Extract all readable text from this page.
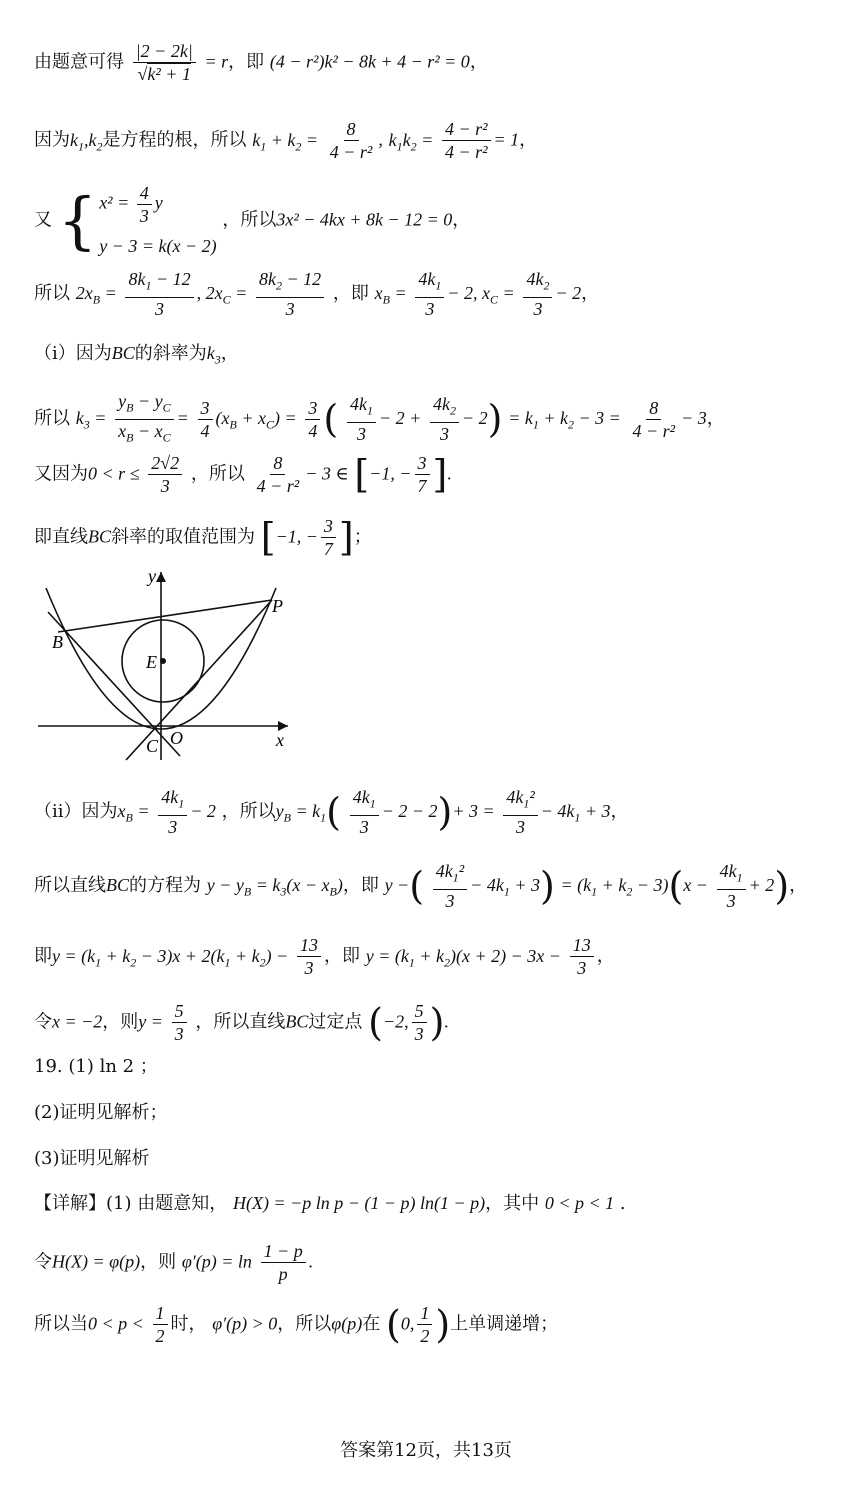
由题意可得 $\frac{|2 - 2k|}{\text{√k² + 1}} = r$，即 (4 − r²)k² − 8k + 4 − r² = 0，
因为$k_1,k_2$是方程的根，所以 $k_1 + k_2 = \frac{8}{\text{4 − r²}}$ , $k_1k_2 = \frac{\text{4 − r²}}{\text{4 − r²}} = 1$，
又 { $x^2 = \frac{4}{3}$ y
y − 3 = k(x − 2)
，所以3x² − 4kx + 8k − 12 = 0，
所以 $2x_B = \frac{8k_1 - 12}{3}$ , $2x_C = \frac{8k_2 - 12}{3}$ ，即 $x_B = \frac{4k_1}{3} - 2$, $x_C = \frac{4k_2}{3} - 2$，
（i）因为BC的斜率为$k_3$，
所以 $k_3 = \frac{y_B - y_C}{x_B - x_C} = \frac{3}{4} (x_B + x_C) = \frac{3}{4}$ ( $\frac{4k_1}{3} - 2 + \frac{4k_2}{3} - 2) = k_1 + k_2 - 3 = \frac{8}{\text{4 − r²}} - 3$，
又因为$0 < r \le \frac{2√2}{3}$ ，所以 $\frac{8}{\text{4 − r²}} - 3$ ∈ [−1, − $\frac{3}{7}$ ].
即直线BC斜率的取值范围为 [−1, − $\frac{3}{7}$ ]；
y
x
B
P
E
C O
（ii）因为$x_B = \frac{4k_1}{3} - 2$ ，所以$y_B = k_1( \frac{4k_1}{3} - 2 - 2)+ 3 = \frac{4k_1^2}{3} - 4k_1 + 3$，
所以直线BC的方程为 $y - y_B = k_3(x - x_B)$，即 y −( $\frac{4k_1^2}{3} - 4k_1 + 3) = (k_1 + k_2 - 3)(x - \frac{4k_1}{3} + 2)$，
即$y = (k_1 + k_2 - 3)x + 2(k_1 + k_2) - \frac{13}{3}$ ，即 $y = (k_1 + k_2)(x + 2) - 3x - \frac{13}{3}$ ，
令x = −2，则$y = \frac{5}{3}$ ，所以直线BC过定点 (−2, $\frac{5}{3}$ ).
19. (1) ln 2 ；
(2)证明见解析；
(3)证明见解析
【详解】(1) 由题意知， H(X) = −p ln p − (1 − p) ln(1 − p)，其中 0 < p < 1 .
令H(X) = φ(p)，则 $\varphi'(p) = \ln \frac{1 - p}{p}$ .
所以当$0 < p < \frac{1}{2}$ 时， φ′(p) > 0，所以φ(p)在 (0, $\frac{1}{2}$ )上单调递增；
答案第12页，共13页
